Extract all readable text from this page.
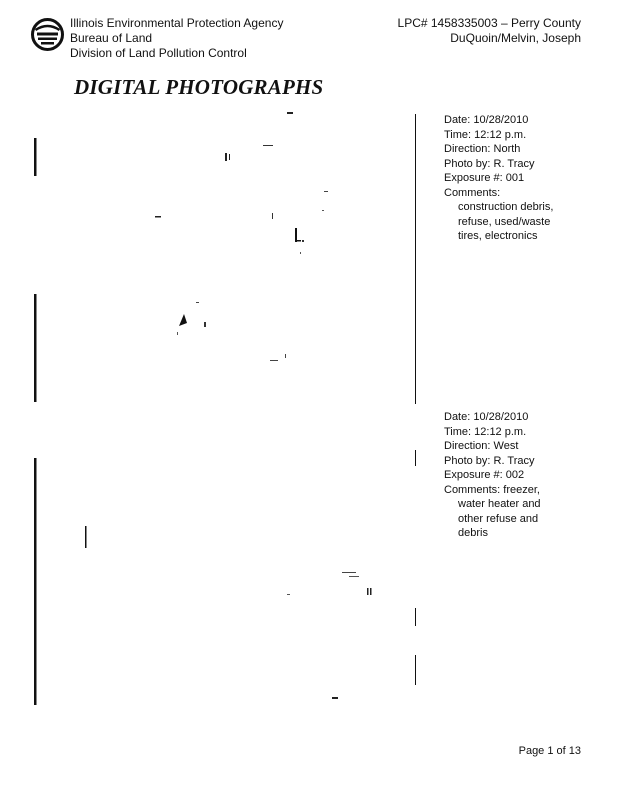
Illinois Environmental Protection Agency
Bureau of Land
Division of Land Pollution Control
LPC# 1458335003 – Perry County
DuQuoin/Melvin, Joseph
DIGITAL PHOTOGRAPHS
Date: 10/28/2010
Time: 12:12 p.m.
Direction: North
Photo by: R. Tracy
Exposure #: 001
Comments:
construction debris,
refuse, used/waste
tires, electronics
Date: 10/28/2010
Time: 12:12 p.m.
Direction: West
Photo by: R. Tracy
Exposure #: 002
Comments: freezer,
water heater and
other refuse and
debris
Page 1 of 13
